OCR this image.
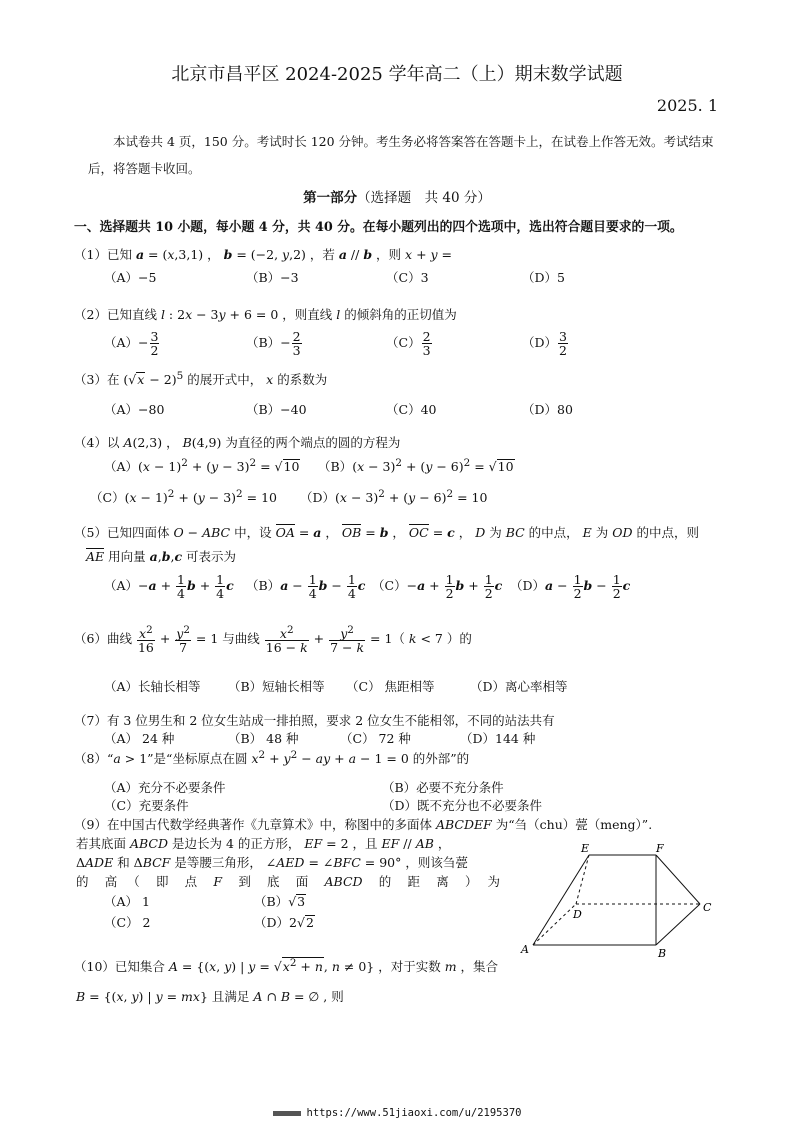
北京市昌平区 2024-2025 学年高二（上）期末数学试题
2025. 1
本试卷共 4 页，150 分。考试时长 120 分钟。考生务必将答案答在答题卡上，在试卷上作答无效。考试结束后，将答题卡收回。
第一部分（选择题　共 40 分）
一、选择题共 10 小题，每小题 4 分，共 40 分。在每小题列出的四个选项中，选出符合题目要求的一项。
（1）已知 a = (x,3,1) ， b = (−2, y,2) ，若 a // b ，则 x + y =
（A）−5	（B）−3	（C）3	（D）5
（2）已知直线 l : 2x − 3y + 6 = 0 ，则直线 l 的倾斜角的正切值为
$(A)- \frac{3}{2}$	$(B)- \frac{2}{3}$	$(C) \frac{2}{3}$	$(D) \frac{3}{2}$
（3）在 $(√x - 2)^5$ 的展开式中， x 的系数为
（A）−80	（B）−40	（C）40	（D）80
（4）以 A(2,3) ， B(4,9) 为直径的两个端点的圆的方程为
$(A)(x - 1)^2 + (y - 3)^2 = √10$ $(B)(x - 3)^2 + (y - 6)^2 = √10$
$(C)(x - 1)^2 + (y - 3)^2 = 10$ $(D)(x - 3)^2 + (y - 6)^2 = 10$
（5）已知四面体 O − ABC 中，设 OA = a ， OB = b ， OC = c ， D 为 BC 的中点， E 为 OD 的中点，则
AE 用向量 a,b,c 可表示为
$(A)-a + \frac{1}{4}$ $b + \frac{1}{4}$ c $(B)a - \frac{1}{4}$ $b - \frac{1}{4}$ c $(C)-a + \frac{1}{2}$ $b + \frac{1}{2}$ c $(D)a - \frac{1}{2}$ $b - \frac{1}{2}$ c
（6）曲线 $\frac{x^2}{16} + \frac{y^2}{7} = 1$ 与曲线 $\frac{x^2}{16 - k} + \frac{y^2}{7 - k} = 1$（ k < 7 ）的
（A）长轴长相等 （B）短轴长相等 （C） 焦距相等	（D）离心率相等
（7）有 3 位男生和 2 位女生站成一排拍照，要求 2 位女生不能相邻，不同的站法共有
（A） 24 种	（B） 48 种	（C） 72 种	（D）144 种
（8）“a > 1”是“坐标原点在圆 $x^2 + y^2$ − ay + a − 1 = 0 的外部”的
（A）充分不必要条件	（B）必要不充分条件
（C）充要条件	（D）既不充分也不必要条件
（9）在中国古代数学经典著作《九章算术》中，称图中的多面体 ABCDEF 为“刍（chu）甍（meng）”.
若其底面 ABCD 是边长为 4 的正方形， EF = 2 ，且 EF // AB ，
ΔADE 和 ΔBCF 是等腰三角形， ∠AED = ∠BFC = 90° ，则该刍甍
的　高　（　即　点　F　到　底　面　ABCD　的　距　离　）　为
（A） 1	（B）√3
（C） 2	（D）2√2
E	F
D
C
A	B
（10）已知集合 A = {(x, y) | $y = √x^2 + n$, n ≠ 0} ，对于实数 m ，集合
B = {(x, y) | y = mx} 且满足 A ∩ B = ∅ , 则
https://www.51jiaoxi.com/u/2195370
